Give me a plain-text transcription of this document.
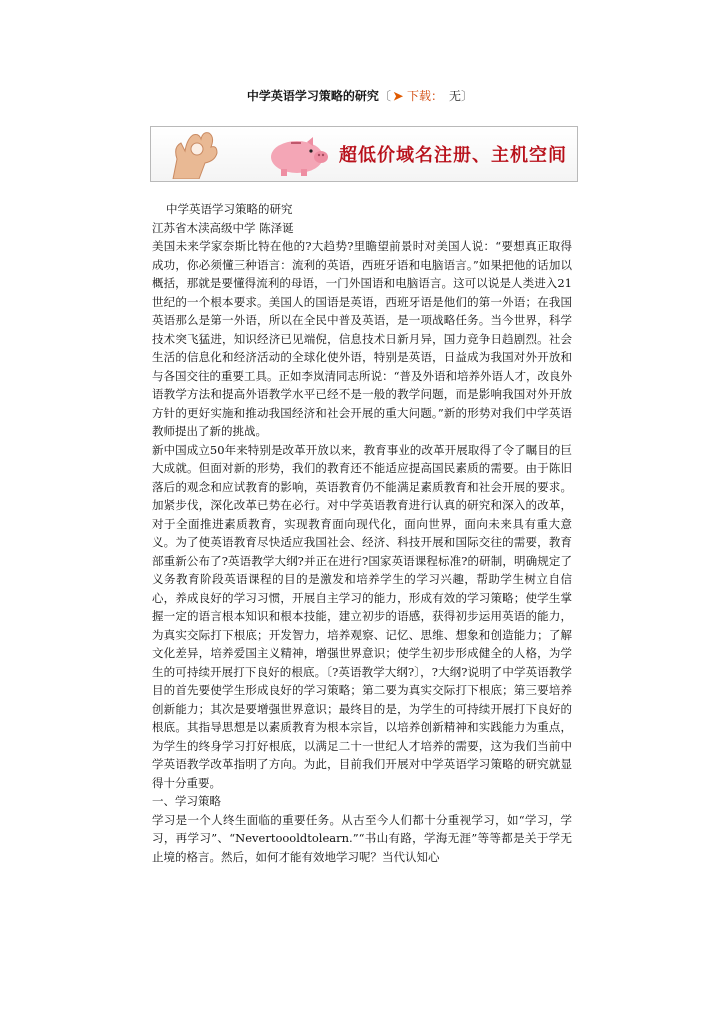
中学英语学习策略的研究〔 ➤ 下载： 无〕
超低价域名注册、主机空间

中学英语学习策略的研究

江苏省木渎高级中学 陈泽诞

美国未来学家奈斯比特在他的?大趋势?里瞻望前景时对美国人说：“要想真正取得成功，你必须懂三种语言：流利的英语，西班牙语和电脑语言。”如果把他的话加以概括，那就是要懂得流利的母语，一门外国语和电脑语言。这可以说是人类进入21世纪的一个根本要求。美国人的国语是英语，西班牙语是他们的第一外语；在我国英语那么是第一外语，所以在全民中普及英语，是一项战略任务。当今世界，科学技术突飞猛进，知识经济已见端倪，信息技术日新月异，国力竞争日趋剧烈。社会生活的信息化和经济活动的全球化使外语，特别是英语，日益成为我国对外开放和与各国交往的重要工具。正如李岚清同志所说：“普及外语和培养外语人才，改良外语教学方法和提高外语教学水平已经不是一般的教学问题，而是影响我国对外开放方针的更好实施和推动我国经济和社会开展的重大问题。”新的形势对我们中学英语教师提出了新的挑战。

新中国成立50年来特别是改革开放以来，教育事业的改革开展取得了令了瞩目的巨大成就。但面对新的形势，我们的教育还不能适应提高国民素质的需要。由于陈旧落后的观念和应试教育的影响，英语教育仍不能满足素质教育和社会开展的要求。加紧步伐，深化改革已势在必行。对中学英语教育进行认真的研究和深入的改革，对于全面推进素质教育，实现教育面向现代化，面向世界，面向未来具有重大意义。为了使英语教育尽快适应我国社会、经济、科技开展和国际交往的需要，教育部重新公布了?英语教学大纲?并正在进行?国家英语课程标准?的研制，明确规定了义务教育阶段英语课程的目的是激发和培养学生的学习兴趣，帮助学生树立自信心，养成良好的学习习惯，开展自主学习的能力，形成有效的学习策略；使学生掌握一定的语言根本知识和根本技能，建立初步的语感，获得初步运用英语的能力，为真实交际打下根底；开发智力，培养观察、记忆、思维、想象和创造能力；了解文化差异，培养爱国主义精神，增强世界意识；使学生初步形成健全的人格，为学生的可持续开展打下良好的根底。〔?英语教学大纲?〕，?大纲?说明了中学英语教学目的首先要使学生形成良好的学习策略；第二要为真实交际打下根底；第三要培养创新能力；其次是要增强世界意识；最终目的是，为学生的可持续开展打下良好的根底。其指导思想是以素质教育为根本宗旨，以培养创新精神和实践能力为重点，为学生的终身学习打好根底，以满足二十一世纪人才培养的需要，这为我们当前中学英语教学改革指明了方向。为此，目前我们开展对中学英语学习策略的研究就显得十分重要。

一、学习策略

学习是一个人终生面临的重要任务。从古至今人们都十分重视学习，如“学习，学习，再学习”、“Nevertoooldtolearn.”“书山有路，学海无涯”等等都是关于学无止境的格言。然后，如何才能有效地学习呢？当代认知心
